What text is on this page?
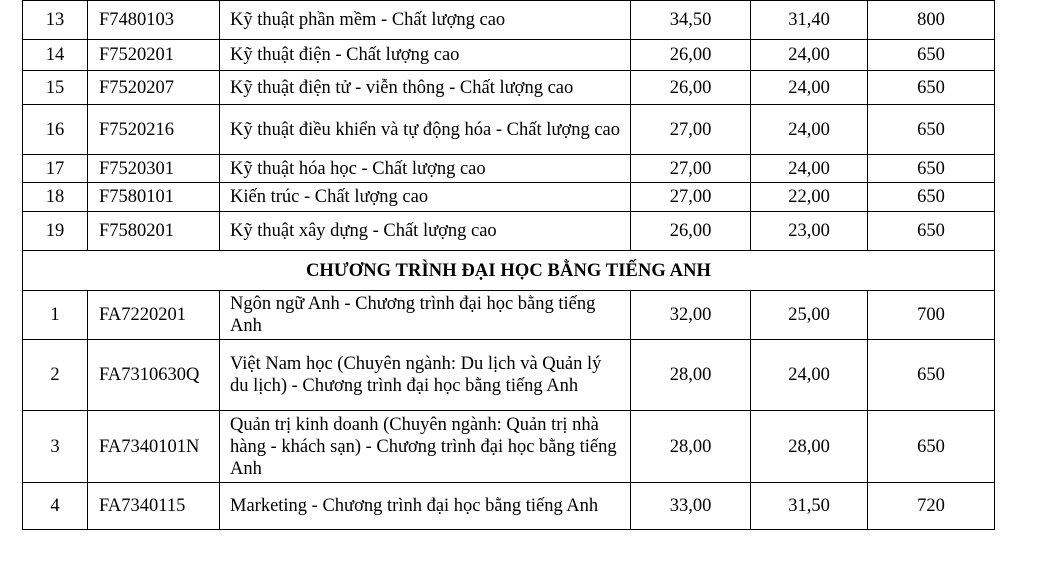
13	F7480103	Kỹ thuật phần mềm - Chất lượng cao	34,50	31,40	800
14	F7520201	Kỹ thuật điện - Chất lượng cao	26,00	24,00	650
15	F7520207	Kỹ thuật điện tử - viễn thông - Chất lượng cao	26,00	24,00	650
16	F7520216	Kỹ thuật điều khiển và tự động hóa - Chất lượng cao	27,00	24,00	650
17	F7520301	Kỹ thuật hóa học - Chất lượng cao	27,00	24,00	650
18	F7580101	Kiến trúc - Chất lượng cao	27,00	22,00	650
19	F7580201	Kỹ thuật xây dựng - Chất lượng cao	26,00	23,00	650
CHƯƠNG TRÌNH ĐẠI HỌC BẰNG TIẾNG ANH					
1	FA7220201	Ngôn ngữ Anh - Chương trình đại học bằng tiếng Anh	32,00	25,00	700
2	FA7310630Q	Việt Nam học (Chuyên ngành: Du lịch và Quản lý du lịch) - Chương trình đại học bằng tiếng Anh	28,00	24,00	650
3	FA7340101N	Quản trị kinh doanh (Chuyên ngành: Quản trị nhà hàng - khách sạn) - Chương trình đại học bằng tiếng Anh	28,00	28,00	650
4	FA7340115	Marketing - Chương trình đại học bằng tiếng Anh	33,00	31,50	720
